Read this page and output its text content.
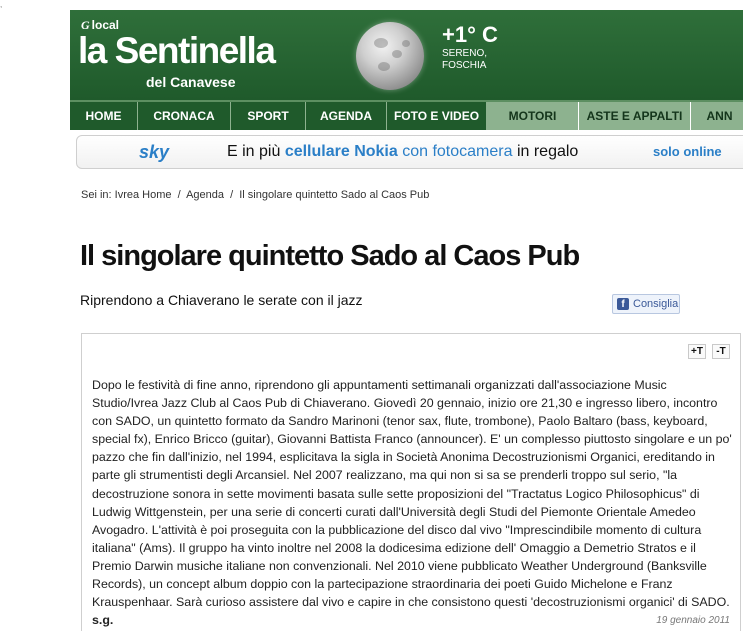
,
G local
la Sentinella
del Canavese
+1° C
SERENO,
FOSCHIA
HOME	CRONACA	SPORT	AGENDA	FOTO E VIDEO	MOTORI	ASTE E APPALTI	ANN
sky	E in più cellulare Nokia con fotocamera in regalo	solo online
Sei in: Ivrea Home / Agenda / Il singolare quintetto Sado al Caos Pub
Il singolare quintetto Sado al Caos Pub
Riprendono a Chiaverano le serate con il jazz	f Consiglia
+T	-T
Dopo le festività di fine anno, riprendono gli appuntamenti settimanali organizzati dall'associazione Music Studio/Ivrea Jazz Club al Caos Pub di Chiaverano. Giovedì 20 gennaio, inizio ore 21,30 e ingresso libero, incontro con SADO, un quintetto formato da Sandro Marinoni (tenor sax, flute, trombone), Paolo Baltaro (bass, keyboard, special fx), Enrico Bricco (guitar), Giovanni Battista Franco (announcer). E' un complesso piuttosto singolare e un po' pazzo che fin dall'inizio, nel 1994, esplicitava la sigla in Società Anonima Decostruzionismi Organici, ereditando in parte gli strumentisti degli Arcansiel. Nel 2007 realizzano, ma qui non si sa se prenderli troppo sul serio, "la decostruzione sonora in sette movimenti basata sulle sette proposizioni del "Tractatus Logico Philosophicus" di Ludwig Wittgenstein, per una serie di concerti curati dall'Università degli Studi del Piemonte Orientale Amedeo Avogadro. L'attività è poi proseguita con la pubblicazione del disco dal vivo "Imprescindibile momento di cultura italiana" (Ams). Il gruppo ha vinto inoltre nel 2008 la dodicesima edizione dell' Omaggio a Demetrio Stratos e il Premio Darwin musiche italiane non convenzionali. Nel 2010 viene pubblicato Weather Underground (Banksville Records), un concept album doppio con la partecipazione straordinaria dei poeti Guido Michelone e Franz Krauspenhaar. Sarà curioso assistere dal vivo e capire in che consistono questi 'decostruzionismi organici' di SADO. s.g.	19 gennaio 2011
